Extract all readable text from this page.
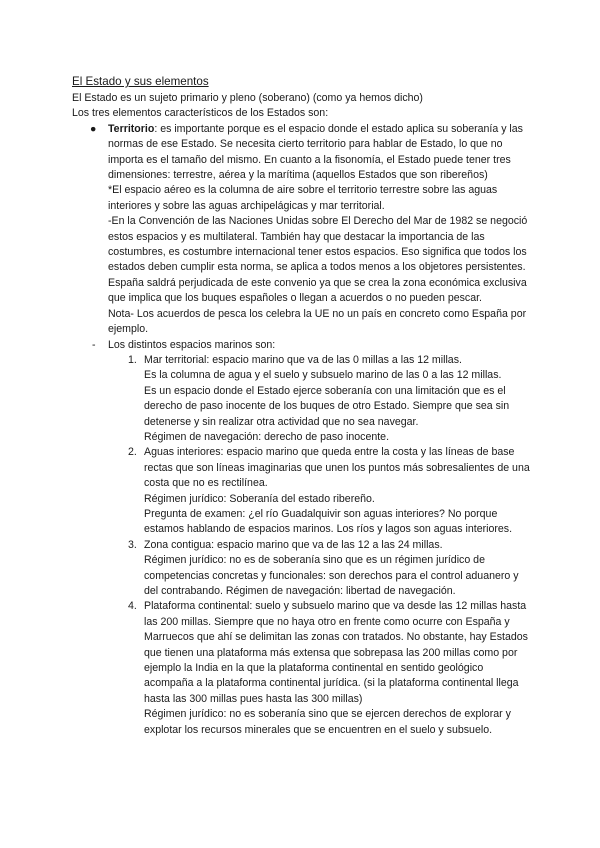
El Estado y sus elementos

El Estado es un sujeto primario y pleno (soberano) (como ya hemos dicho)

Los tres elementos característicos de los Estados son:

● Territorio: es importante porque es el espacio donde el estado aplica su soberanía y las normas de ese Estado. Se necesita cierto territorio para hablar de Estado, lo que no importa es el tamaño del mismo. En cuanto a la fisonomía, el Estado puede tener tres dimensiones: terrestre, aérea y la marítima (aquellos Estados que son ribereños)

*El espacio aéreo es la columna de aire sobre el territorio terrestre sobre las aguas interiores y sobre las aguas archipelágicas y mar territorial.

-En la Convención de las Naciones Unidas sobre El Derecho del Mar de 1982 se negoció estos espacios y es multilateral. También hay que destacar la importancia de las costumbres, es costumbre internacional tener estos espacios. Eso significa que todos los estados deben cumplir esta norma, se aplica a todos menos a los objetores persistentes. España saldrá perjudicada de este convenio ya que se crea la zona económica exclusiva que implica que los buques españoles o llegan a acuerdos o no pueden pescar.

Nota- Los acuerdos de pesca los celebra la UE no un país en concreto como España por ejemplo.

- Los distintos espacios marinos son:

1. Mar territorial: espacio marino que va de las 0 millas a las 12 millas.

Es la columna de agua y el suelo y subsuelo marino de las 0 a las 12 millas.

Es un espacio donde el Estado ejerce soberanía con una limitación que es el derecho de paso inocente de los buques de otro Estado. Siempre que sea sin detenerse y sin realizar otra actividad que no sea navegar.

Régimen de navegación: derecho de paso inocente.

2. Aguas interiores: espacio marino que queda entre la costa y las líneas de base rectas que son líneas imaginarias que unen los puntos más sobresalientes de una costa que no es rectilínea.

Régimen jurídico: Soberanía del estado ribereño.

Pregunta de examen: ¿el río Guadalquivir son aguas interiores? No porque estamos hablando de espacios marinos. Los ríos y lagos son aguas interiores.

3. Zona contigua: espacio marino que va de las 12 a las 24 millas.

Régimen jurídico: no es de soberanía sino que es un régimen jurídico de competencias concretas y funcionales: son derechos para el control aduanero y del contrabando. Régimen de navegación: libertad de navegación.

4. Plataforma continental: suelo y subsuelo marino que va desde las 12 millas hasta las 200 millas. Siempre que no haya otro en frente como ocurre con España y Marruecos que ahí se delimitan las zonas con tratados. No obstante, hay Estados que tienen una plataforma más extensa que sobrepasa las 200 millas como por ejemplo la India en la que la plataforma continental en sentido geológico acompaña a la plataforma continental jurídica. (si la plataforma continental llega hasta las 300 millas pues hasta las 300 millas)

Régimen jurídico: no es soberanía sino que se ejercen derechos de explorar y explotar los recursos minerales que se encuentren en el suelo y subsuelo.
